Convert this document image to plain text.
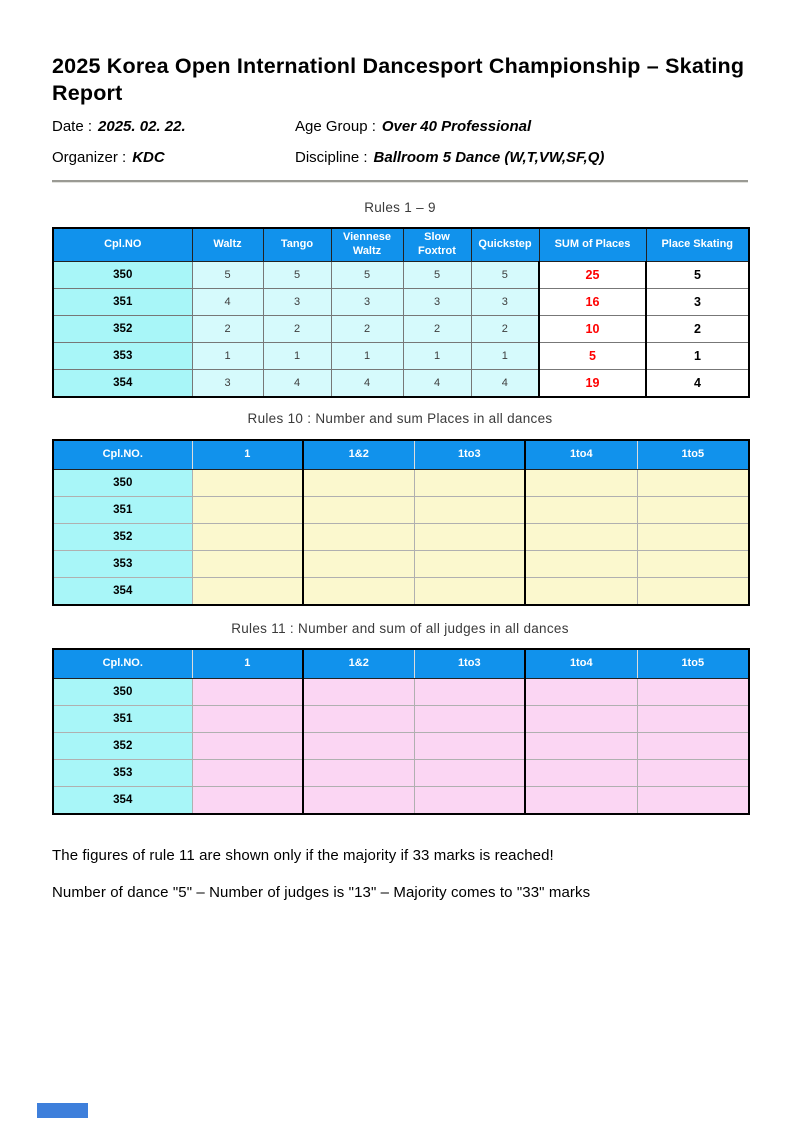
2025 Korea Open Internationl Dancesport Championship – Skating Report
Date : 2025. 02. 22.	Age Group : Over 40 Professional
Organizer : KDC	Discipline : Ballroom 5 Dance (W,T,VW,SF,Q)
Rules 1 – 9
Cpl.NO	Waltz	Tango	Viennese Waltz	Slow Foxtrot	Quickstep	SUM of Places	Place Skating
350	5	5	5	5	5	25	5
351	4	3	3	3	3	16	3
352	2	2	2	2	2	10	2
353	1	1	1	1	1	5	1
354	3	4	4	4	4	19	4
Rules 10 : Number and sum Places in all dances
Cpl.NO.	1	1&2	1to3	1to4	1to5
350					
351					
352					
353					
354					
Rules 11 : Number and sum of all judges in all dances
Cpl.NO.	1	1&2	1to3	1to4	1to5
350					
351					
352					
353					
354					
The figures of rule 11 are shown only if the majority if 33 marks is reached!
Number of dance "5" – Number of judges is "13" – Majority comes to "33" marks
